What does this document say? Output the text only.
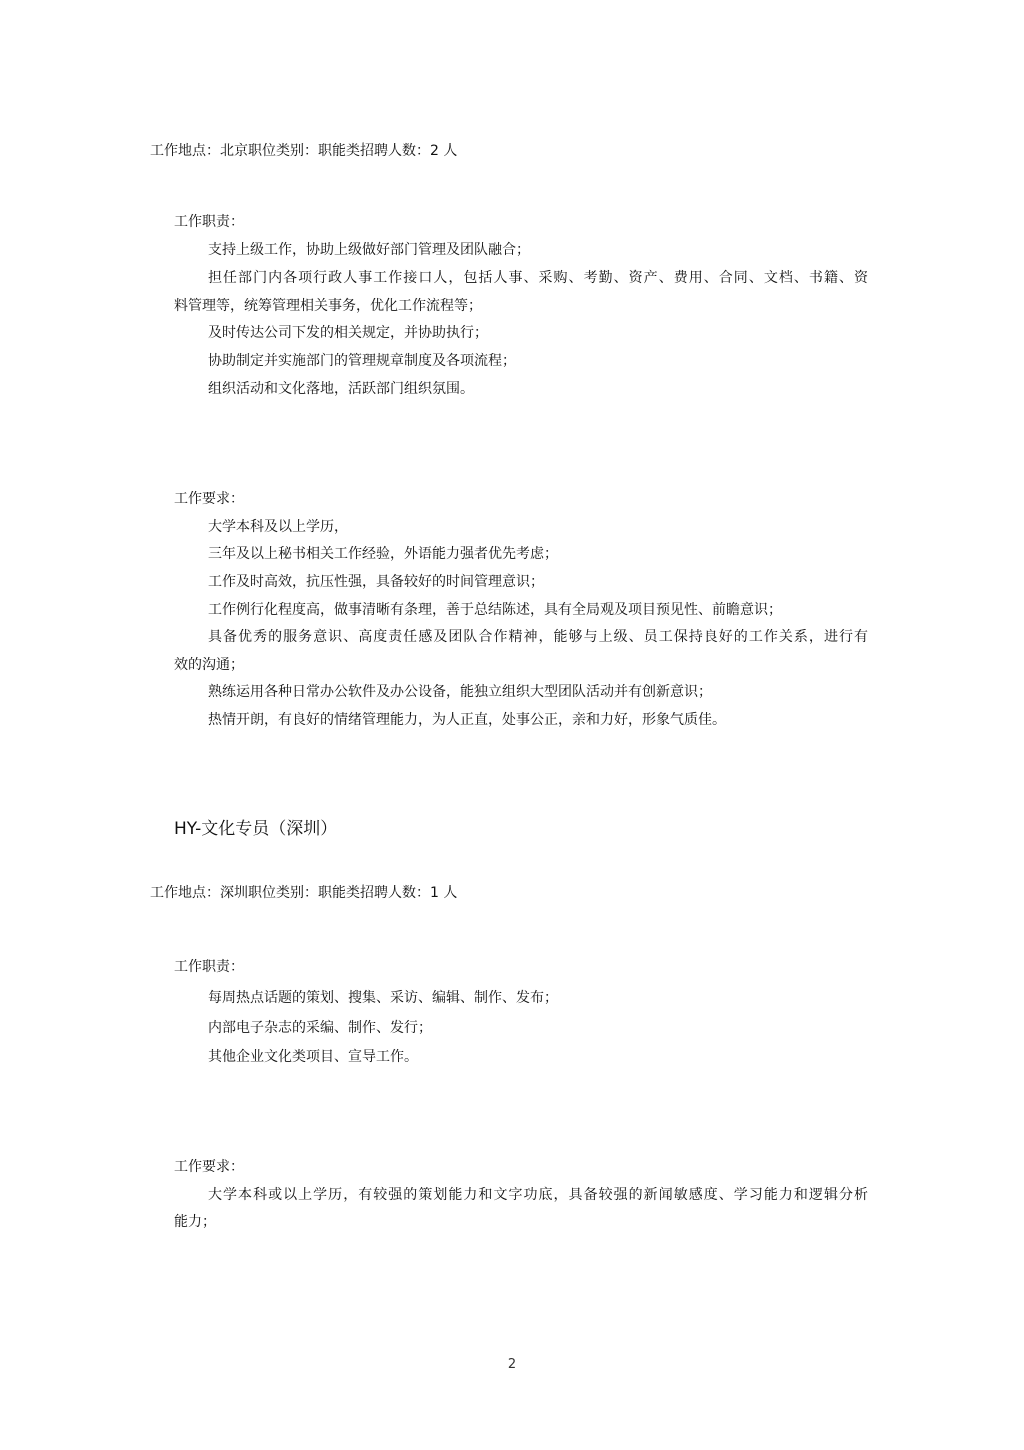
工作地点：北京职位类别：职能类招聘人数：2 人
工作职责：
支持上级工作，协助上级做好部门管理及团队融合；
担任部门内各项行政人事工作接口人，包括人事、采购、考勤、资产、费用、合同、文档、书籍、资
料管理等，统筹管理相关事务，优化工作流程等；
及时传达公司下发的相关规定，并协助执行；
协助制定并实施部门的管理规章制度及各项流程；
组织活动和文化落地，活跃部门组织氛围。
工作要求：
大学本科及以上学历，
三年及以上秘书相关工作经验，外语能力强者优先考虑；
工作及时高效，抗压性强，具备较好的时间管理意识；
工作例行化程度高，做事清晰有条理，善于总结陈述，具有全局观及项目预见性、前瞻意识；
具备优秀的服务意识、高度责任感及团队合作精神，能够与上级、员工保持良好的工作关系，进行有
效的沟通；
熟练运用各种日常办公软件及办公设备，能独立组织大型团队活动并有创新意识；
热情开朗，有良好的情绪管理能力，为人正直，处事公正，亲和力好，形象气质佳。
HY-文化专员（深圳）
工作地点：深圳职位类别：职能类招聘人数：1 人
工作职责：
每周热点话题的策划、搜集、采访、编辑、制作、发布；
内部电子杂志的采编、制作、发行；
其他企业文化类项目、宣导工作。
工作要求：
大学本科或以上学历，有较强的策划能力和文字功底，具备较强的新闻敏感度、学习能力和逻辑分析
能力；
2
